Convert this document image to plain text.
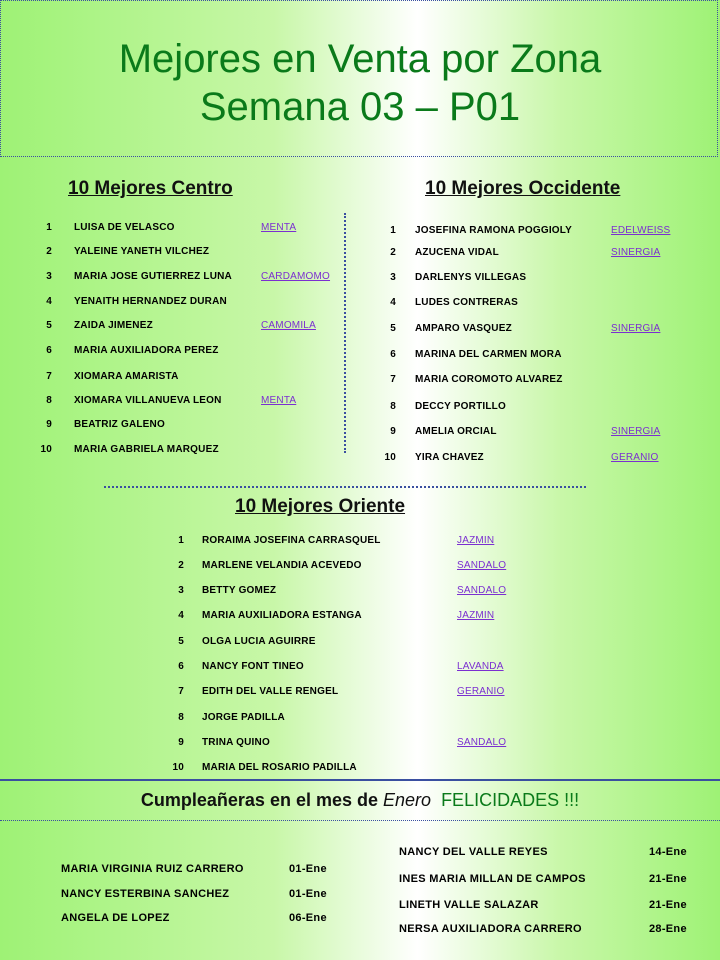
Mejores en Venta por Zona
Semana 03 – P01
10 Mejores Centro	10 Mejores Occidente
1 LUISA DE VELASCO	MENTA
2 YALEINE YANETH VILCHEZ
3 MARIA JOSE GUTIERREZ LUNA	CARDAMOMO
4 YENAITH HERNANDEZ DURAN
5 ZAIDA JIMENEZ	CAMOMILA
6 MARIA AUXILIADORA PEREZ
7 XIOMARA AMARISTA
8 XIOMARA VILLANUEVA LEON	MENTA
9 BEATRIZ GALENO
10 MARIA GABRIELA MARQUEZ
1 JOSEFINA RAMONA POGGIOLY	EDELWEISS
2 AZUCENA VIDAL	SINERGIA
3 DARLENYS VILLEGAS
4 LUDES CONTRERAS
5 AMPARO VASQUEZ	SINERGIA
6 MARINA DEL CARMEN MORA
7 MARIA COROMOTO ALVAREZ
8 DECCY PORTILLO
9 AMELIA ORCIAL	SINERGIA
10 YIRA CHAVEZ	GERANIO
10 Mejores Oriente
1 RORAIMA JOSEFINA CARRASQUEL	JAZMIN
2 MARLENE VELANDIA ACEVEDO	SANDALO
3 BETTY GOMEZ	SANDALO
4 MARIA AUXILIADORA ESTANGA	JAZMIN
5 OLGA LUCIA AGUIRRE
6 NANCY FONT TINEO	LAVANDA
7 EDITH DEL VALLE RENGEL	GERANIO
8 JORGE PADILLA
9 TRINA QUINO	SANDALO
10 MARIA DEL ROSARIO PADILLA
Cumpleañeras en el mes de Enero FELICIDADES !!!
MARIA VIRGINIA RUIZ CARRERO	01-Ene
NANCY ESTERBINA SANCHEZ	01-Ene
ANGELA DE LOPEZ	06-Ene
NANCY DEL VALLE REYES	14-Ene
INES MARIA MILLAN DE CAMPOS	21-Ene
LINETH VALLE SALAZAR	21-Ene
NERSA AUXILIADORA CARRERO	28-Ene
